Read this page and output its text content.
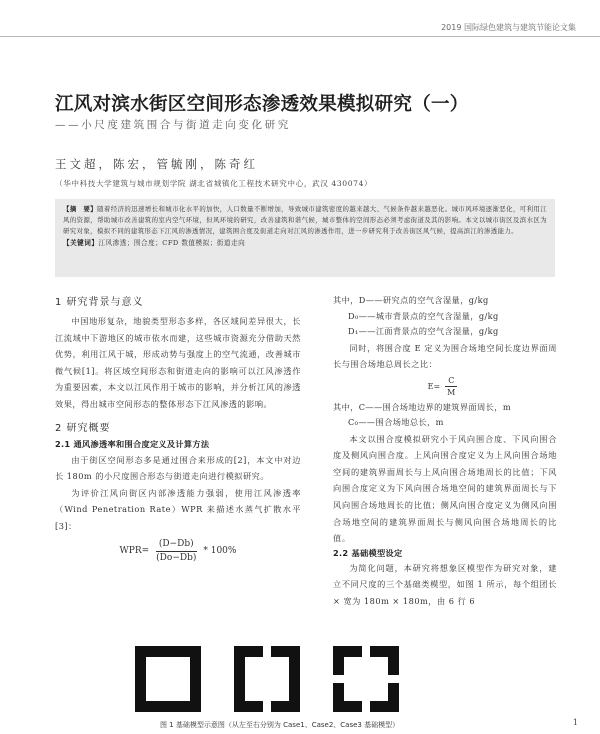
2019 国际绿色建筑与建筑节能论文集
江风对滨水街区空间形态渗透效果模拟研究（一）
——小尺度建筑围合与街道走向变化研究
王文超，陈宏，管毓刚，陈奇红
（华中科技大学建筑与城市规划学院 湖北省城镇化工程技术研究中心，武汉 430074）
【摘　要】随着经济的迅速增长和城市化水平的加快，人口数量不断增加，导致城市建筑密度的越来越大、气候条件越来越恶化。城市风环境逐渐恶化，可利用江风的资源，帮助城市改善建筑的室内空气环境，但风环境的研究，改善建筑和谐气候，城市整体的空间形态必须考虑街道及其的影响。本文以城市街区及滨水区为研究对象，模拟不同的建筑形态下江风的渗透情况，建筑围合度及街道走向对江风的渗透作用，进一步研究利于改善街区风气候，提高滨江的渗透能力。
【关键词】江风渗透；围合度；CFD 数值模拟；街道走向
1 研究背景与意义

中国地形复杂，地貌类型形态多样，各区域间差异很大，长江流域中下游地区的城市依水而建，这些城市资源充分借助天然优势，利用江风于城，形成动势与强度上的空气流通，改善城市微气候[1]。将区域空间形态和街道走向的影响可以江风渗透作为重要因素，本文以江风作用于城市的影响，并分析江风的渗透效果，得出城市空间形态的整体形态下江风渗透的影响。

2 研究概要
2.1 通风渗透率和围合度定义及计算方法

由于街区空间形态多是通过围合来形成的[2]，本文中对边长 180m 的小尺度围合形态与街道走向进行模拟研究。

为评价江风向街区内部渗透能力强弱，使用江风渗透率（Wind Penetration Rate）WPR 来描述水蒸气扩散水平[3]：

$WPR= \frac{(D-Db)}{(Do-Db)} * 100\%$
其中，D——研究点的空气含湿量，g/kg
D₀——城市背景点的空气含湿量，g/kg
D₁——江面背景点的空气含湿量，g/kg

同时，将围合度 E 定义为围合场地空间长度边界面周长与围合场地总周长之比：

$E= \frac{C}{M}$
其中，C——围合场地边界的建筑界面周长，m
C₀——围合场地总长，m

本文以围合度模拟研究小于风向围合度、下风向围合度及侧风向围合度。上风向围合度定义为上风向围合场地空间的建筑界面周长与上风向围合场地周长的比值；下风向围合度定义为下风向围合场地空间的建筑界面周长与下风向围合场地周长的比值；侧风向围合度定义为侧风向围合场地空间的建筑界面周长与侧风向围合场地周长的比值。

2.2 基础模型设定

为简化问题，本研究将想象区模型作为研究对象，建立不同尺度的三个基础类模型，如图 1 所示，每个组团长 × 宽为 180m × 180m，由 6 行 6

图 1 基础模型示意图（从左至右分别为 Case1、Case2、Case3 基础模型）	1
